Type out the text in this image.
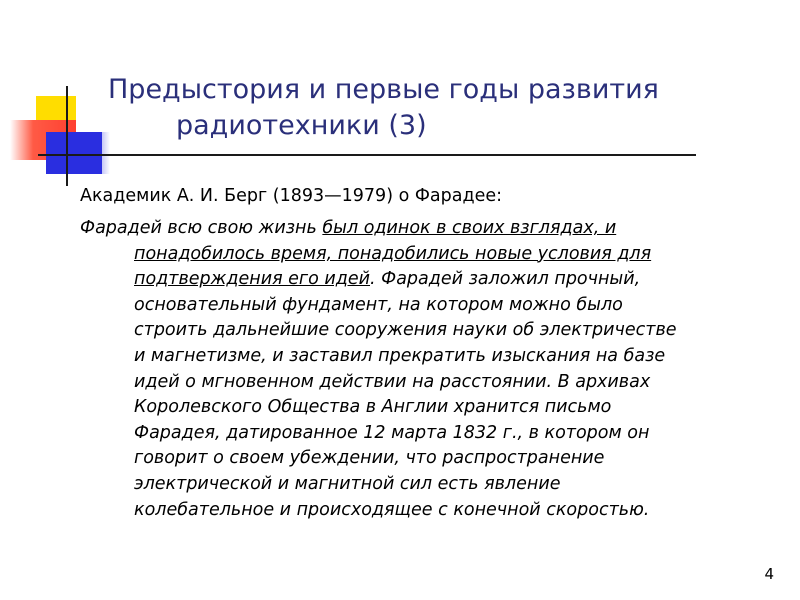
Предыстория и первые годы развития
радиотехники (3)

Академик А. И. Берг (1893—1979) о Фарадее:

Фарадей всю свою жизнь был одинок в своих взглядах, и
понадобилось время, понадобились новые условия для
подтверждения его идей. Фарадей заложил прочный,
основательный фундамент, на котором можно было
строить дальнейшие сооружения науки об электричестве
и магнетизме, и заставил прекратить изыскания на базе
идей о мгновенном действии на расстоянии. В архивах
Королевского Общества в Англии хранится письмо
Фарадея, датированное 12 марта 1832 г., в котором он
говорит о своем убеждении, что распространение
электрической и магнитной сил есть явление
колебательное и происходящее с конечной скоростью.
4
